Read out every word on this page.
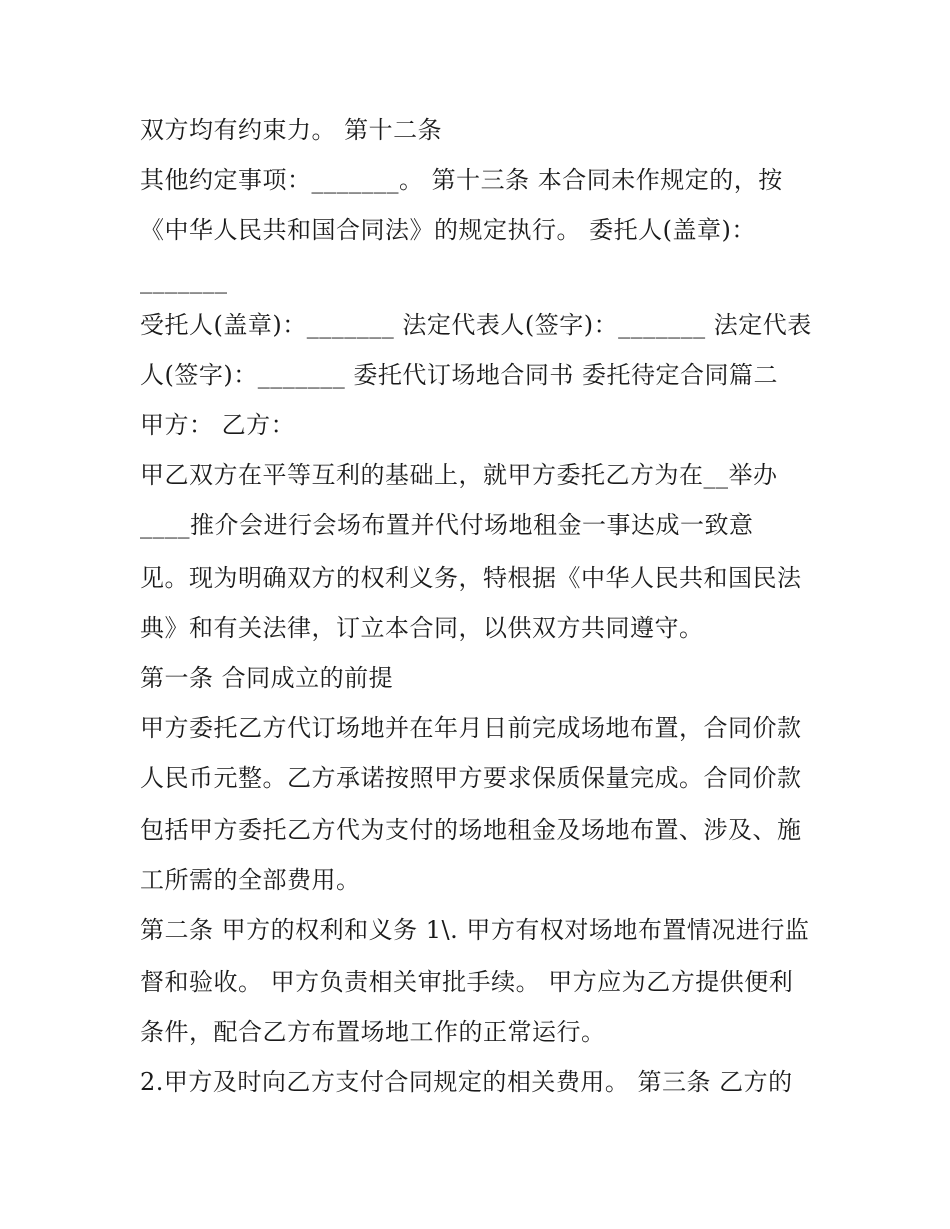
双方均有约束力。 第十二条
其他约定事项：_______。 第十三条 本合同未作规定的，按
《中华人民共和国合同法》的规定执行。 委托人(盖章)：
_______
受托人(盖章)：_______ 法定代表人(签字)：_______ 法定代表
人(签字)：_______ 委托代订场地合同书 委托待定合同篇二
甲方： 乙方：
甲乙双方在平等互利的基础上，就甲方委托乙方为在__举办
____推介会进行会场布置并代付场地租金一事达成一致意
见。现为明确双方的权利义务，特根据《中华人民共和国民法
典》和有关法律，订立本合同，以供双方共同遵守。
第一条 合同成立的前提
甲方委托乙方代订场地并在年月日前完成场地布置，合同价款
人民币元整。乙方承诺按照甲方要求保质保量完成。合同价款
包括甲方委托乙方代为支付的场地租金及场地布置、涉及、施
工所需的全部费用。
第二条 甲方的权利和义务 1\. 甲方有权对场地布置情况进行监
督和验收。 甲方负责相关审批手续。 甲方应为乙方提供便利
条件，配合乙方布置场地工作的正常运行。
2.甲方及时向乙方支付合同规定的相关费用。 第三条 乙方的
